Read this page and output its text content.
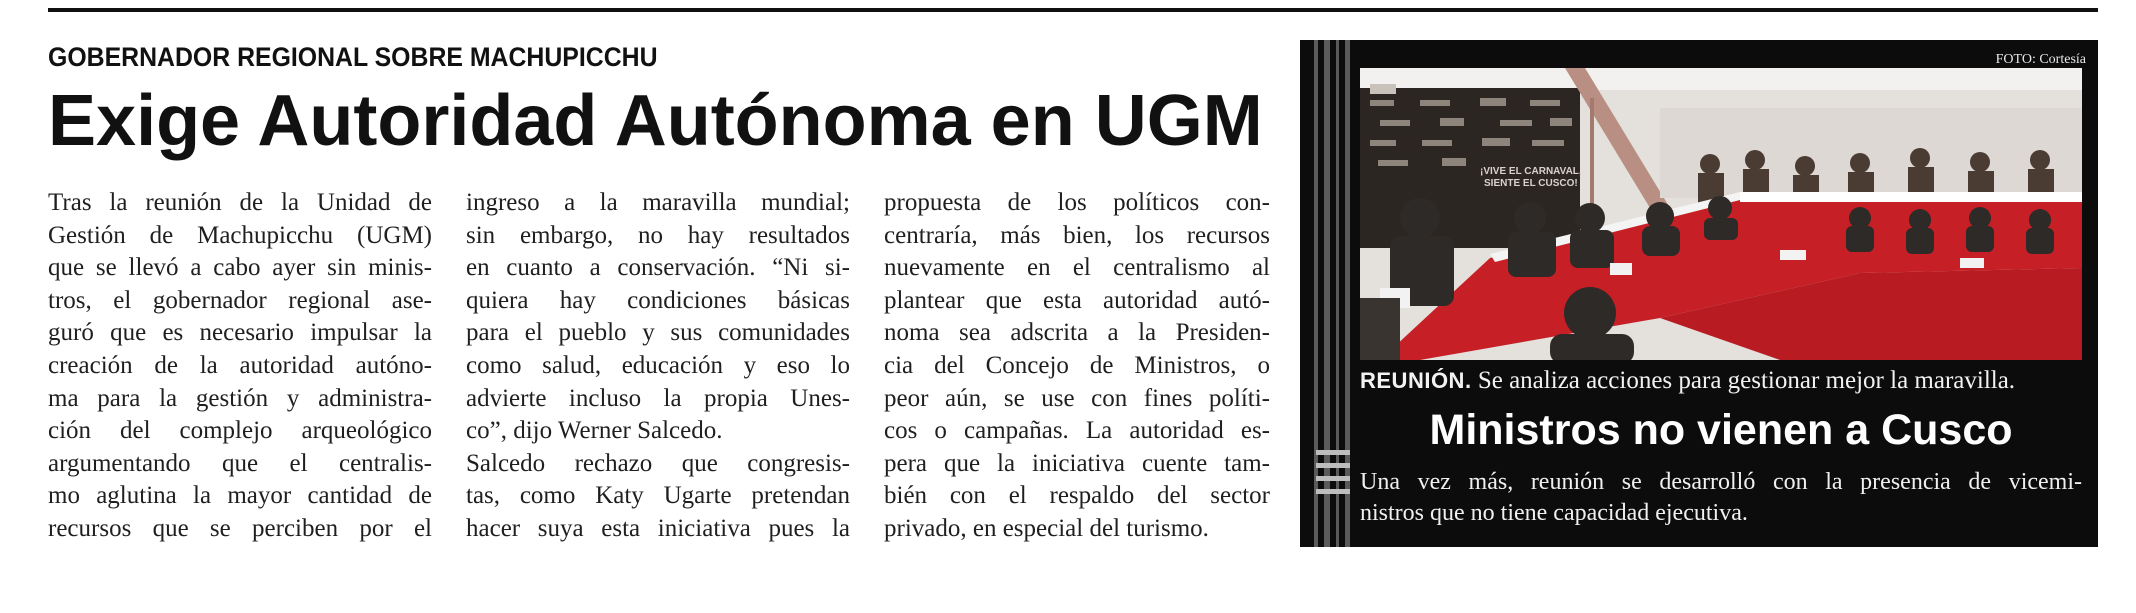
GOBERNADOR REGIONAL SOBRE MACHUPICCHU
Exige Autoridad Autónoma en UGM
Tras la reunión de la Unidad de
Gestión de Machupicchu (UGM)
que se llevó a cabo ayer sin minis-
tros, el gobernador regional ase-
guró que es necesario impulsar la
creación de la autoridad autóno-
ma para la gestión y administra-
ción del complejo arqueológico
argumentando que el centralis-
mo aglutina la mayor cantidad de
recursos que se perciben por el
ingreso a la maravilla mundial;
sin embargo, no hay resultados
en cuanto a conservación. “Ni si-
quiera hay condiciones básicas
para el pueblo y sus comunidades
como salud, educación y eso lo
advierte incluso la propia Unes-
co”, dijo Werner Salcedo.
Salcedo rechazo que congresis-
tas, como Katy Ugarte pretendan
hacer suya esta iniciativa pues la
propuesta de los políticos con-
centraría, más bien, los recursos
nuevamente en el centralismo al
plantear que esta autoridad autó-
noma sea adscrita a la Presiden-
cia del Concejo de Ministros, o
peor aún, se use con fines políti-
cos o campañas. La autoridad es-
pera que la iniciativa cuente tam-
bién con el respaldo del sector
privado, en especial del turismo.
FOTO: Cortesía
¡VIVE EL CARNAVAL,
SIENTE EL CUSCO!
REUNIÓN. Se analiza acciones para gestionar mejor la maravilla.
Ministros no vienen a Cusco
Una vez más, reunión se desarrolló con la presencia de vicemi-
nistros que no tiene capacidad ejecutiva.
